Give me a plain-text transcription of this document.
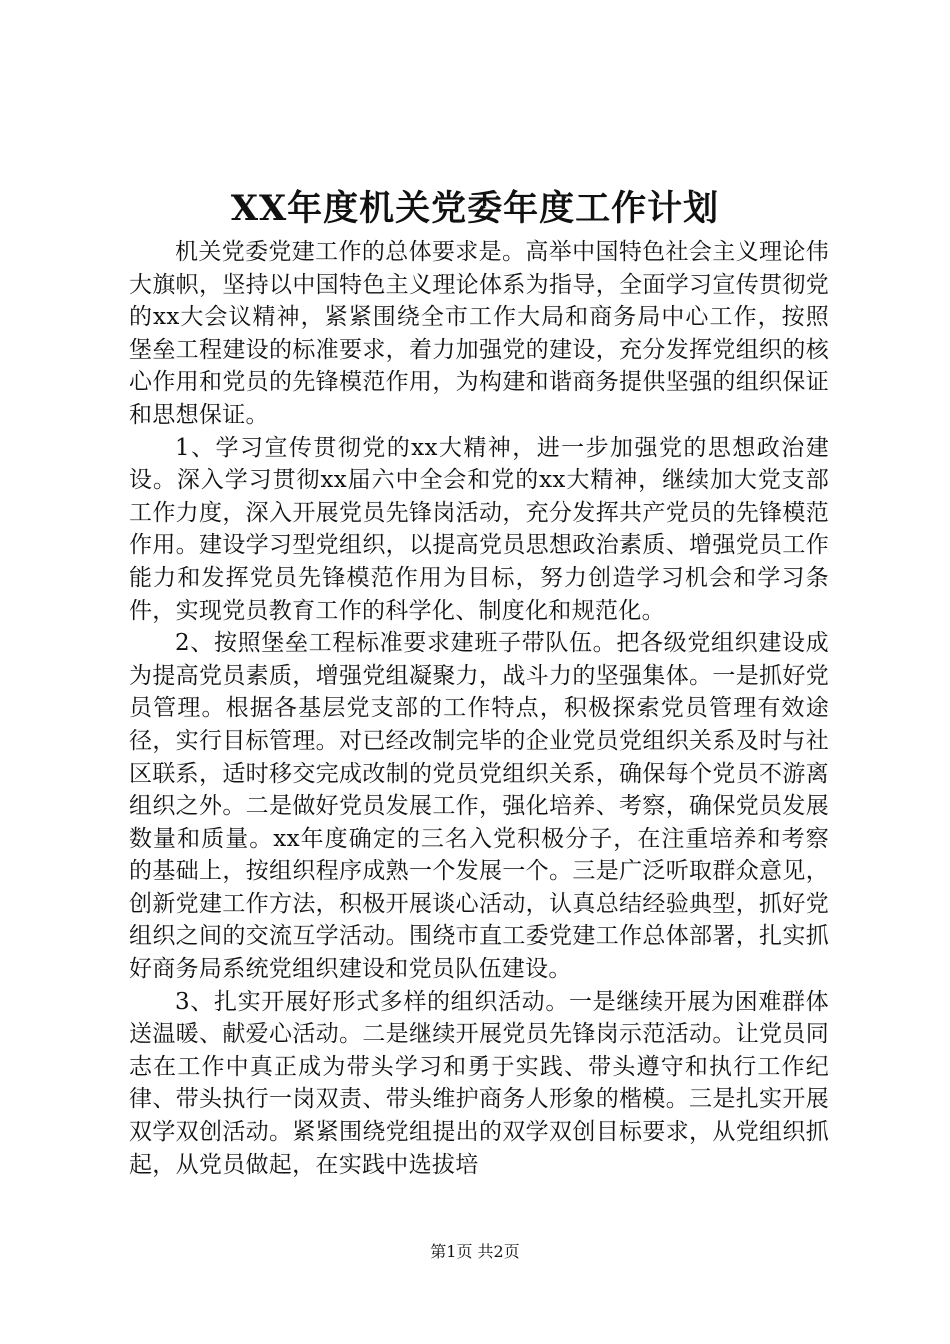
XX年度机关党委年度工作计划

机关党委党建工作的总体要求是。高举中国特色社会主义理论伟大旗帜，坚持以中国特色主义理论体系为指导，全面学习宣传贯彻党的xx大会议精神，紧紧围绕全市工作大局和商务局中心工作，按照堡垒工程建设的标准要求，着力加强党的建设，充分发挥党组织的核心作用和党员的先锋模范作用，为构建和谐商务提供坚强的组织保证和思想保证。

1、学习宣传贯彻党的xx大精神，进一步加强党的思想政治建设。深入学习贯彻xx届六中全会和党的xx大精神，继续加大党支部工作力度，深入开展党员先锋岗活动，充分发挥共产党员的先锋模范作用。建设学习型党组织，以提高党员思想政治素质、增强党员工作能力和发挥党员先锋模范作用为目标，努力创造学习机会和学习条件，实现党员教育工作的科学化、制度化和规范化。

2、按照堡垒工程标准要求建班子带队伍。把各级党组织建设成为提高党员素质，增强党组凝聚力，战斗力的坚强集体。一是抓好党员管理。根据各基层党支部的工作特点，积极探索党员管理有效途径，实行目标管理。对已经改制完毕的企业党员党组织关系及时与社区联系，适时移交完成改制的党员党组织关系，确保每个党员不游离组织之外。二是做好党员发展工作，强化培养、考察，确保党员发展数量和质量。xx年度确定的三名入党积极分子，在注重培养和考察的基础上，按组织程序成熟一个发展一个。三是广泛听取群众意见，创新党建工作方法，积极开展谈心活动，认真总结经验典型，抓好党组织之间的交流互学活动。围绕市直工委党建工作总体部署，扎实抓好商务局系统党组织建设和党员队伍建设。

3、扎实开展好形式多样的组织活动。一是继续开展为困难群体送温暖、献爱心活动。二是继续开展党员先锋岗示范活动。让党员同志在工作中真正成为带头学习和勇于实践、带头遵守和执行工作纪律、带头执行一岗双责、带头维护商务人形象的楷模。三是扎实开展双学双创活动。紧紧围绕党组提出的双学双创目标要求，从党组织抓起，从党员做起，在实践中选拔培

第1页 共2页
